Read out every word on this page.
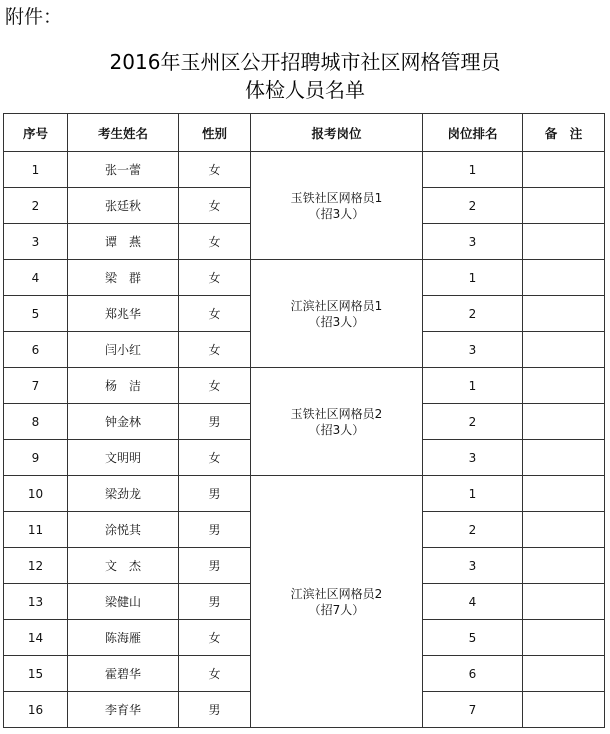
附件：
2016年玉州区公开招聘城市社区网格管理员
体检人员名单
序号	考生姓名	性别	报考岗位	岗位排名	备　注
1	张一蕾	女	玉铁社区网格员1
（招3人）	1	
2	张廷秋	女		2	
3	谭　燕	女		3	
4	梁　群	女	江滨社区网格员1
（招3人）	1	
5	郑兆华	女		2	
6	闫小红	女		3	
7	杨　洁	女	玉铁社区网格员2
（招3人）	1	
8	钟金林	男		2	
9	文明明	女		3	
10	梁劲龙	男	江滨社区网格员2
（招7人）	1	
11	涂悦其	男		2	
12	文　杰	男		3	
13	梁健山	男		4	
14	陈海雁	女		5	
15	霍碧华	女		6	
16	李育华	男		7	
